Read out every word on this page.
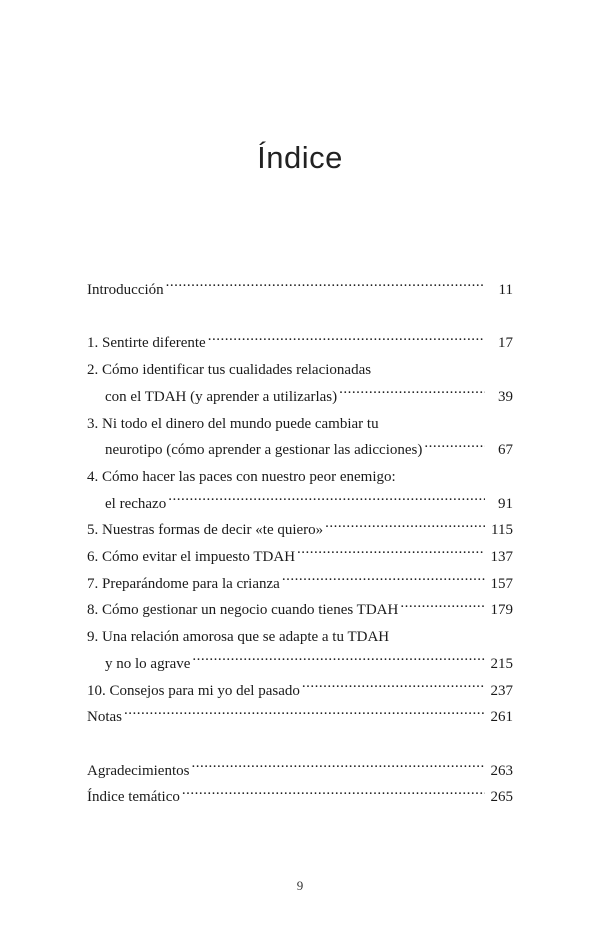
Índice
Introducción .....	11
1. Sentirte diferente .....	17
2. Cómo identificar tus cualidades relacionadas
con el TDAH (y aprender a utilizarlas) .....	39
3. Ni todo el dinero del mundo puede cambiar tu
neurotipo (cómo aprender a gestionar las adicciones) .....	67
4. Cómo hacer las paces con nuestro peor enemigo:
el rechazo .....	91
5. Nuestras formas de decir «te quiero» .....	115
6. Cómo evitar el impuesto TDAH .....	137
7. Preparándome para la crianza .....	157
8. Cómo gestionar un negocio cuando tienes TDAH .....	179
9. Una relación amorosa que se adapte a tu TDAH
y no lo agrave .....	215
10. Consejos para mi yo del pasado .....	237
Notas .....	261
Agradecimientos .....	263
Índice temático .....	265
9
